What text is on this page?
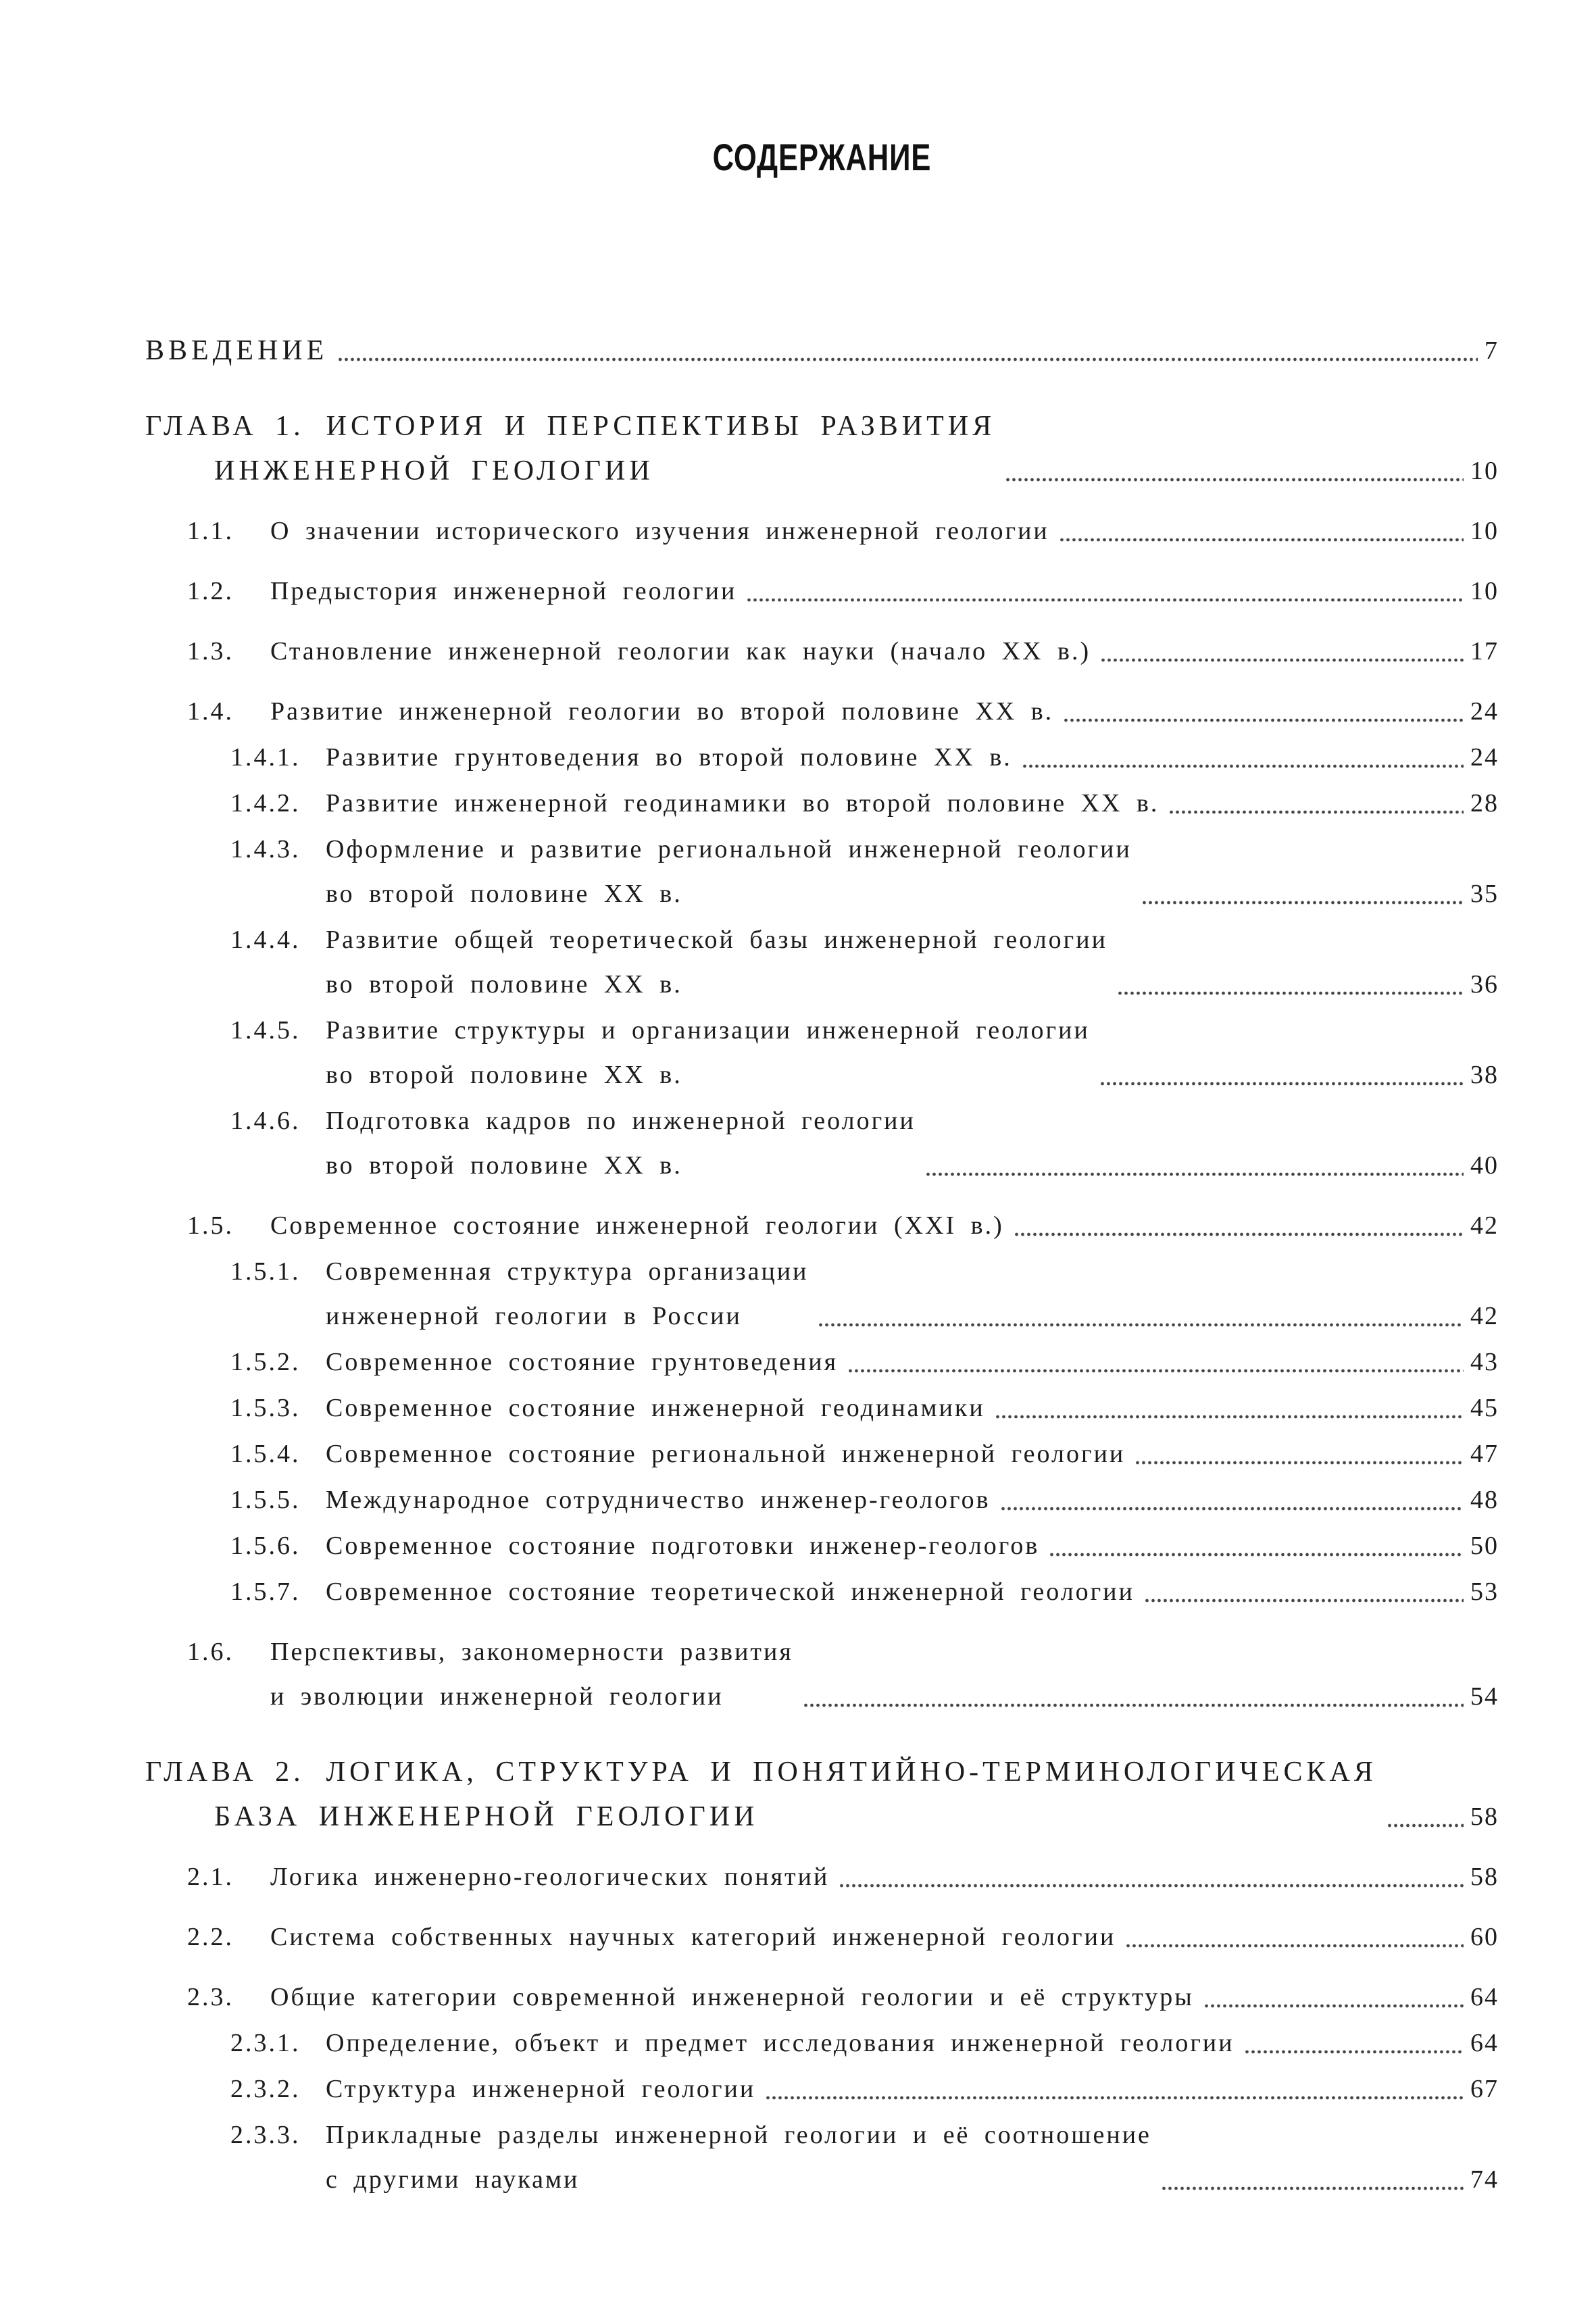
СОДЕРЖАНИЕ
ВВЕДЕНИЕ	7
ГЛАВА 1. ИСТОРИЯ И ПЕРСПЕКТИВЫ РАЗВИТИЯ
ИНЖЕНЕРНОЙ ГЕОЛОГИИ	10
1.1. О значении исторического изучения инженерной геологии	10
1.2. Предыстория инженерной геологии	10
1.3. Становление инженерной геологии как науки (начало XX в.)	17
1.4. Развитие инженерной геологии во второй половине XX в.	24
1.4.1. Развитие грунтоведения во второй половине XX в.	24
1.4.2. Развитие инженерной геодинамики во второй половине XX в.	28
1.4.3. Оформление и развитие региональной инженерной геологии
во второй половине XX в.	35
1.4.4. Развитие общей теоретической базы инженерной геологии
во второй половине XX в.	36
1.4.5. Развитие структуры и организации инженерной геологии
во второй половине XX в.	38
1.4.6. Подготовка кадров по инженерной геологии
во второй половине XX в.	40
1.5. Современное состояние инженерной геологии (XXI в.)	42
1.5.1. Современная структура организации
инженерной геологии в России	42
1.5.2. Современное состояние грунтоведения	43
1.5.3. Современное состояние инженерной геодинамики	45
1.5.4. Современное состояние региональной инженерной геологии	47
1.5.5. Международное сотрудничество инженер-геологов	48
1.5.6. Современное состояние подготовки инженер-геологов	50
1.5.7. Современное состояние теоретической инженерной геологии	53
1.6. Перспективы, закономерности развития
и эволюции инженерной геологии	54
ГЛАВА 2. ЛОГИКА, СТРУКТУРА И ПОНЯТИЙНО-ТЕРМИНОЛОГИЧЕСКАЯ
БАЗА ИНЖЕНЕРНОЙ ГЕОЛОГИИ	58
2.1. Логика инженерно-геологических понятий	58
2.2. Система собственных научных категорий инженерной геологии	60
2.3. Общие категории современной инженерной геологии и её структуры	64
2.3.1. Определение, объект и предмет исследования инженерной геологии	64
2.3.2. Структура инженерной геологии	67
2.3.3. Прикладные разделы инженерной геологии и её соотношение
с другими науками	74
